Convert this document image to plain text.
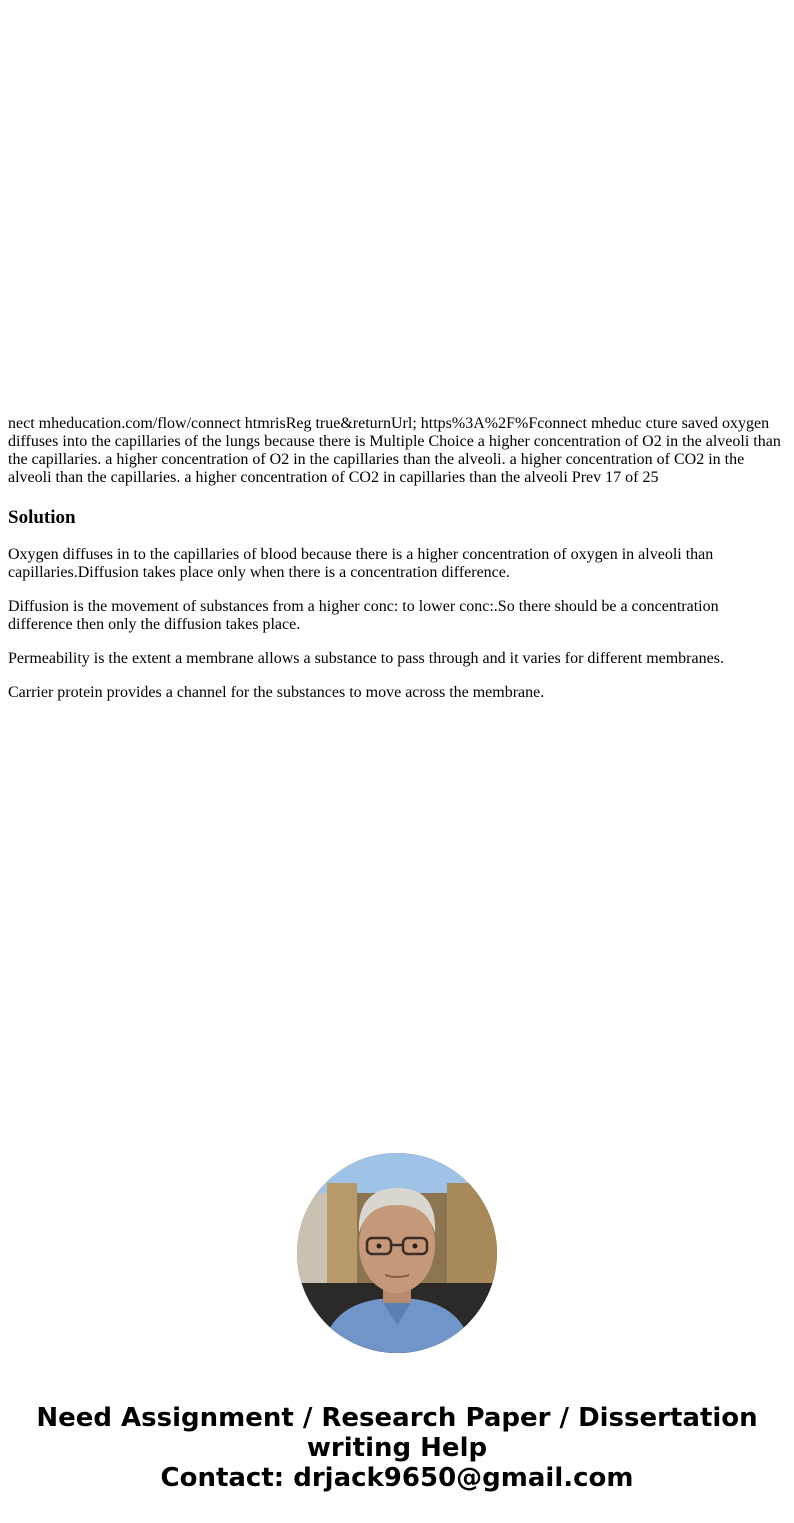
nect mheducation.com/flow/connect htmrisReg true&returnUrl; https%3A%2F%Fconnect mheduc cture saved oxygen diffuses into the capillaries of the lungs because there is Multiple Choice a higher concentration of O2 in the alveoli than the capillaries. a higher concentration of O2 in the capillaries than the alveoli. a higher concentration of CO2 in the alveoli than the capillaries. a higher concentration of CO2 in capillaries than the alveoli Prev 17 of 25

Solution

Oxygen diffuses in to the capillaries of blood because there is a higher concentration of oxygen in alveoli than capillaries.Diffusion takes place only when there is a concentration difference.

Diffusion is the movement of substances from a higher conc: to lower conc:.So there should be a concentration difference then only the diffusion takes place.

Permeability is the extent a membrane allows a substance to pass through and it varies for different membranes.

Carrier protein provides a channel for the substances to move across the membrane.

Need Assignment / Research Paper / Dissertation
writing Help
Contact: drjack9650@gmail.com
